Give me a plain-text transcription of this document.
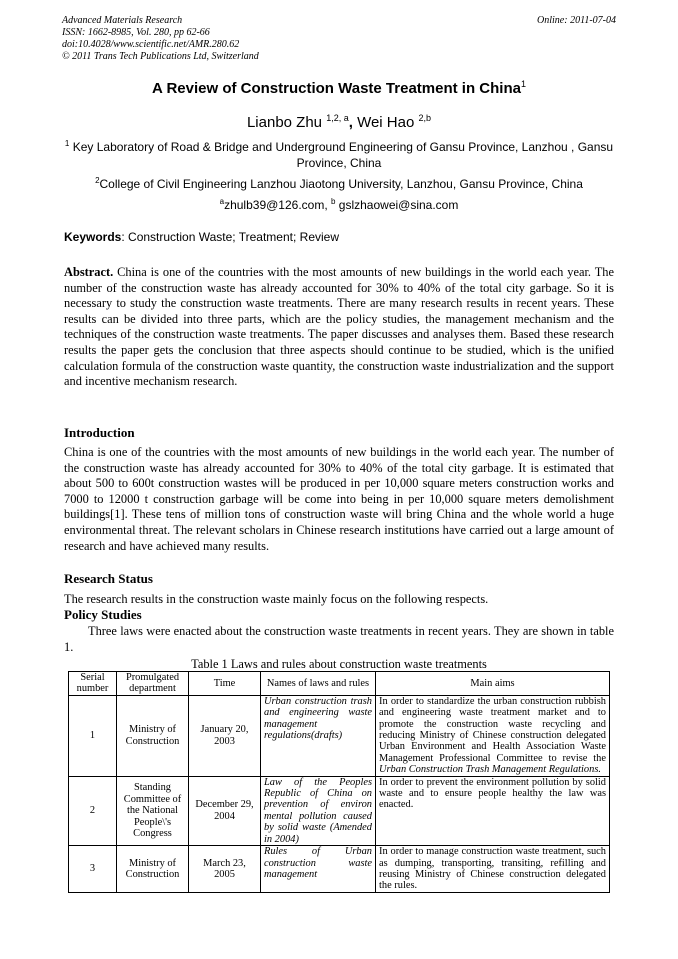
Advanced Materials Research
ISSN: 1662-8985, Vol. 280, pp 62-66
doi:10.4028/www.scientific.net/AMR.280.62
© 2011 Trans Tech Publications Ltd, Switzerland
Online: 2011-07-04
A Review of Construction Waste Treatment in China$^1$
Lianbo Zhu $^{1,2, a}$, Wei Hao $^{2,b}$
$^1$ Key Laboratory of Road & Bridge and Underground Engineering of Gansu Province, Lanzhou , Gansu Province, China
$^2$College of Civil Engineering Lanzhou Jiaotong University, Lanzhou, Gansu Province, China
$^a$zhulb39@126.com, $^b$ gslzhaowei@sina.com
Keywords: Construction Waste; Treatment; Review

Abstract. China is one of the countries with the most amounts of new buildings in the world each year. The number of the construction waste has already accounted for 30% to 40% of the total city garbage. So it is necessary to study the construction waste treatments. There are many research results in recent years. These results can be divided into three parts, which are the policy studies, the management mechanism and the techniques of the construction waste treatments. The paper discusses and analyses them. Based these research results the paper gets the conclusion that three aspects should continue to be studied, which is the unified calculation formula of the construction waste quantity, the construction waste industrialization and the support and incentive mechanism research.

Introduction

China is one of the countries with the most amounts of new buildings in the world each year. The number of the construction waste has already accounted for 30% to 40% of the total city garbage. It is estimated that about 500 to 600t construction wastes will be produced in per 10,000 square meters construction works and 7000 to 12000 t construction garbage will be come into being in per 10,000 square meters demolishment buildings[1]. These tens of million tons of construction waste will bring China and the whole world a huge environmental threat. The relevant scholars in Chinese research institutions have carried out a large amount of research and have achieved many results.

Research Status

The research results in the construction waste mainly focus on the following respects.

Policy Studies

Three laws were enacted about the construction waste treatments in recent years. They are shown in table 1.

Table 1 Laws and rules about construction waste treatments
Serial number	Promulgated department	Time	Names of laws and rules	Main aims
1	Ministry of Construction	January 20, 2003	Urban construction trash and engineering waste management regulations(drafts)	In order to standardize the urban construction rubbish and engineering waste treatment market and to promote the construction waste recycling and reducing Ministry of Chinese construction delegated Urban Environment and Health Association Waste Management Professional Committee to revise the Urban Construction Trash Management Regulations.
2	Standing Committee of the National People\'s Congress	December 29, 2004	Law of the Peoples Republic of China on prevention of environ mental pollution caused by solid waste (Amended in 2004)	In order to prevent the environment pollution by solid waste and to ensure people healthy the law was enacted.
3	Ministry of Construction	March 23, 2005	Rules of Urban construction waste management	In order to manage construction waste treatment, such as dumping, transporting, transiting, refilling and reusing Ministry of Chinese construction delegated the rules.
